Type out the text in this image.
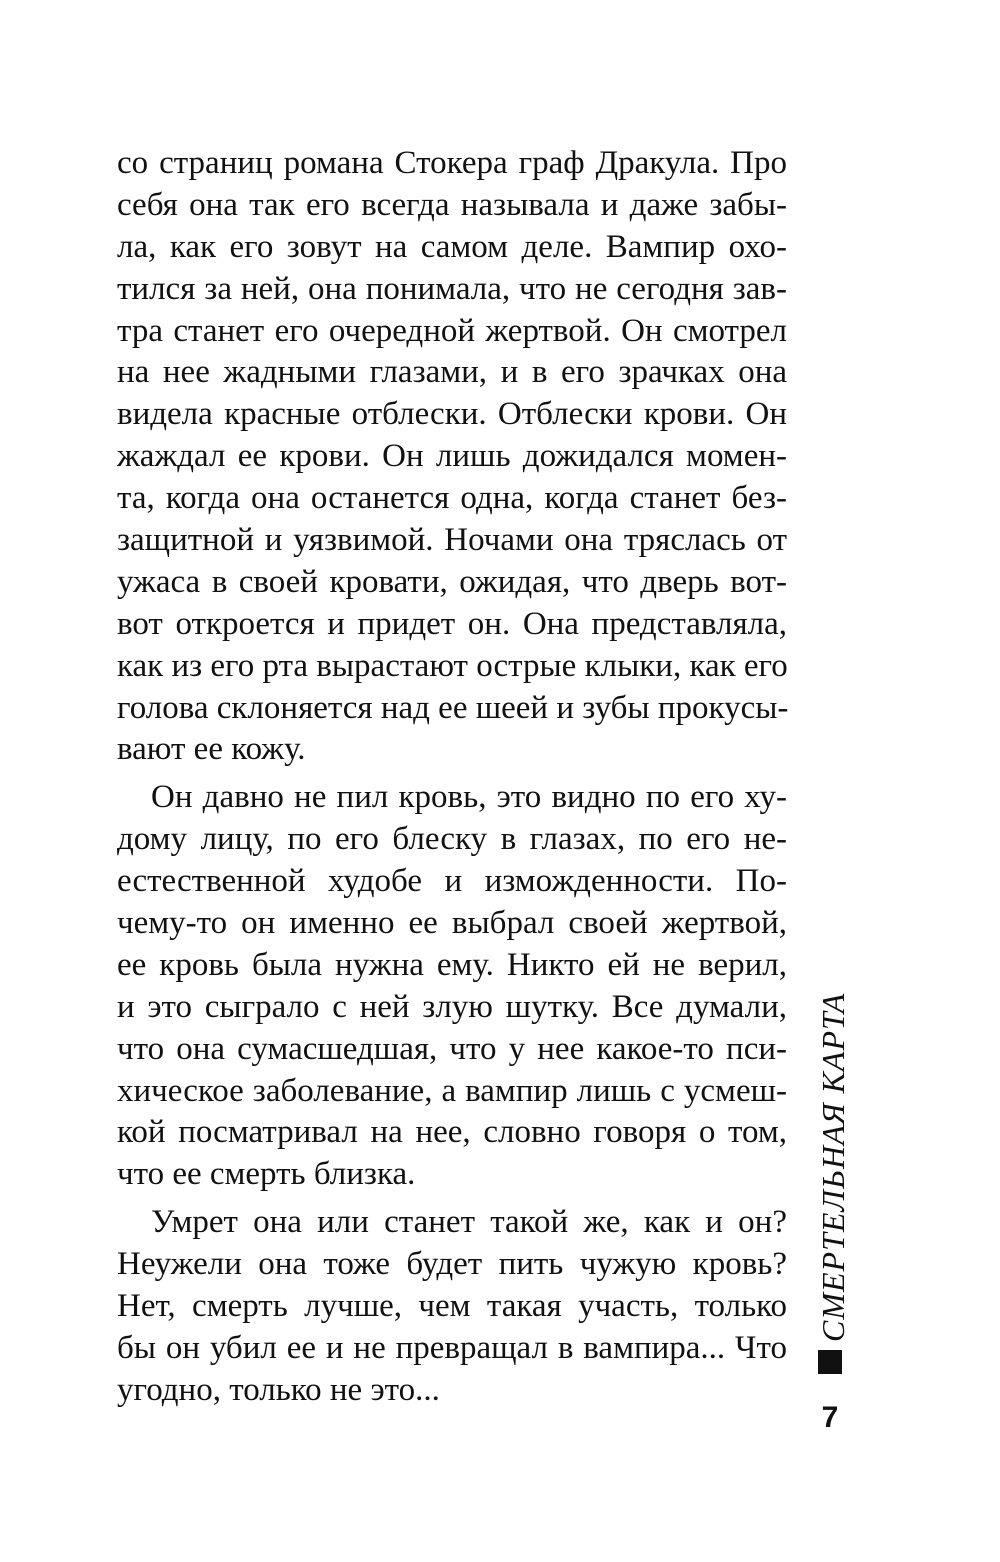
со страниц романа Стокера граф Дракула. Про
себя она так его всегда называла и даже забы-
ла, как его зовут на самом деле. Вампир охо-
тился за ней, она понимала, что не сегодня зав-
тра станет его очередной жертвой. Он смотрел
на нее жадными глазами, и в его зрачках она
видела красные отблески. Отблески крови. Он
жаждал ее крови. Он лишь дожидался момен-
та, когда она останется одна, когда станет без-
защитной и уязвимой. Ночами она тряслась от
ужаса в своей кровати, ожидая, что дверь вот-
вот откроется и придет он. Она представляла,
как из его рта вырастают острые клыки, как его
голова склоняется над ее шеей и зубы прокусы-
вают ее кожу.
Он давно не пил кровь, это видно по его ху-
дому лицу, по его блеску в глазах, по его не-
естественной худобе и изможденности. По-
чему-то он именно ее выбрал своей жертвой,
ее кровь была нужна ему. Никто ей не верил,
и это сыграло с ней злую шутку. Все думали,
что она сумасшедшая, что у нее какое-то пси-
хическое заболевание, а вампир лишь с усмеш-
кой посматривал на нее, словно говоря о том,
что ее смерть близка.
Умрет она или станет такой же, как и он?
Неужели она тоже будет пить чужую кровь?
Нет, смерть лучше, чем такая участь, только
бы он убил ее и не превращал в вампира... Что
угодно, только не это...
СМЕРТЕЛЬНАЯ КАРТА
7
